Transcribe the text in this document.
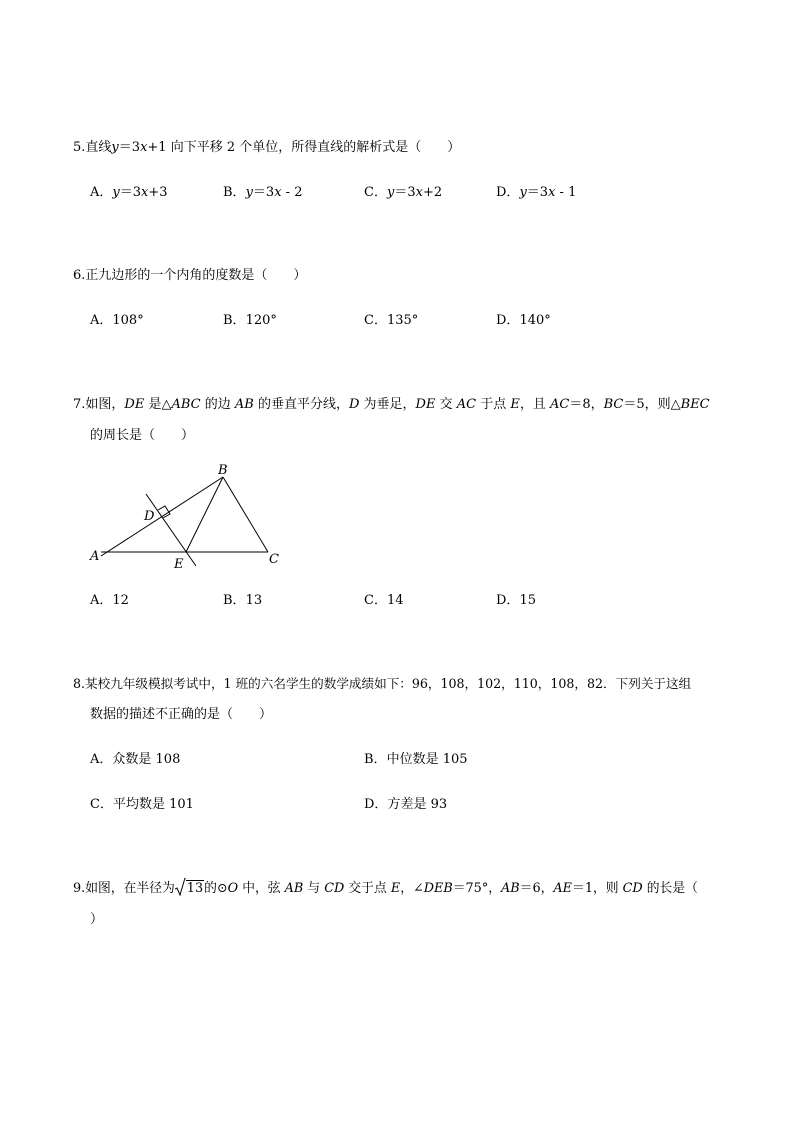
5.直线y＝3x+1 向下平移 2 个单位，所得直线的解析式是（　　）
A．y＝3x+3	B．y＝3x - 2	C．y＝3x+2	D．y＝3x - 1
6.正九边形的一个内角的度数是（　　）
A．108°	B．120°	C．135°	D．140°
7.如图，DE 是△ABC 的边 AB 的垂直平分线，D 为垂足，DE 交 AC 于点 E，且 AC＝8，BC＝5，则△BEC
的周长是（　　）
A
B
C
D
E
A．12	B．13	C．14	D．15
8.某校九年级模拟考试中，1 班的六名学生的数学成绩如下：96，108，102，110，108，82．下列关于这组
数据的描述不正确的是（　　）
A．众数是 108	B．中位数是 105
C．平均数是 101	D．方差是 93
9.如图，在半径为 13的⊙O 中，弦 AB 与 CD 交于点 E，∠DEB＝75°，AB＝6，AE＝1，则 CD 的长是（
）
